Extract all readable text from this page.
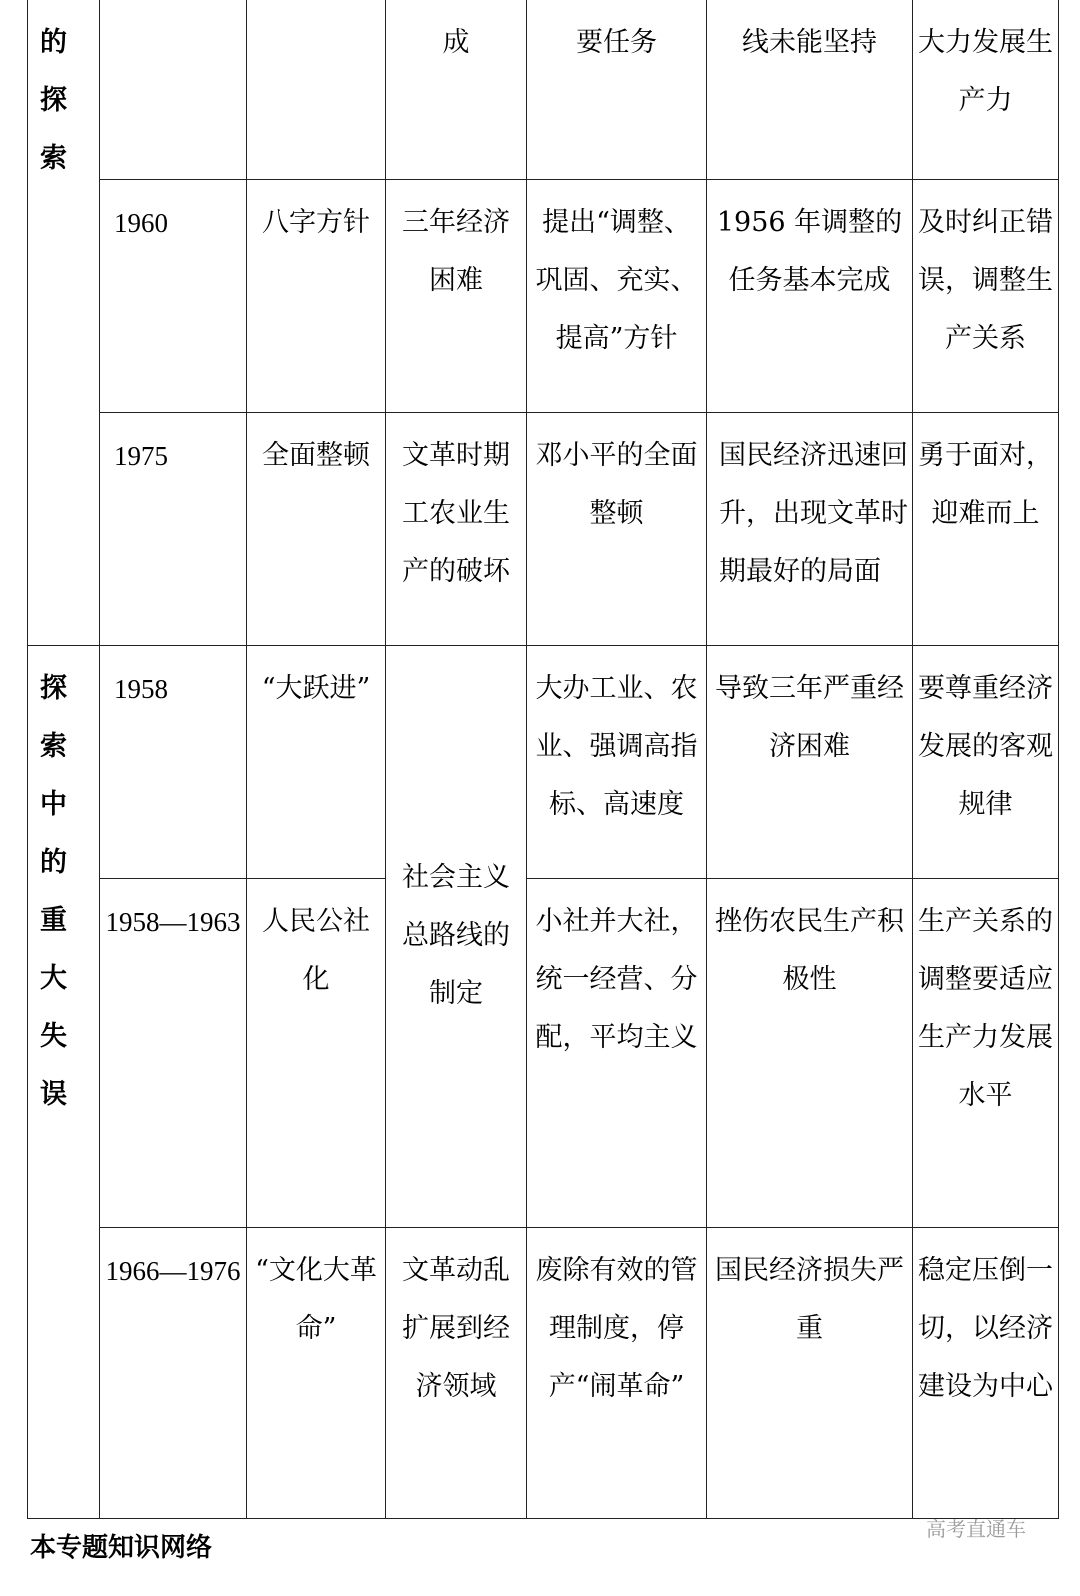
的探索			成	要任务	线未能坚持	大力发展生产力
	1960	八字方针	三年经济困难	提出“调整、巩固、充实、提高”方针	1956 年调整的任务基本完成	及时纠正错误，调整生产关系
	1975	全面整顿	文革时期工农业生产的破坏	邓小平的全面整顿	国民经济迅速回升，出现文革时期最好的局面	勇于面对，迎难而上
探索中的重大失误	1958	“大跃进”	社会主义总路线的制定	大办工业、农业、强调高指标、高速度	导致三年严重经济困难	要尊重经济发展的客观规律
	1958—1963	人民公社化		小社并大社，统一经营、分配，平均主义	挫伤农民生产积极性	生产关系的调整要适应生产力发展水平
	1966—1976	“文化大革命”	文革动乱扩展到经济领域	废除有效的管理制度，停产“闹革命”	国民经济损失严重	稳定压倒一切，以经济建设为中心
本专题知识网络
高考直通车
